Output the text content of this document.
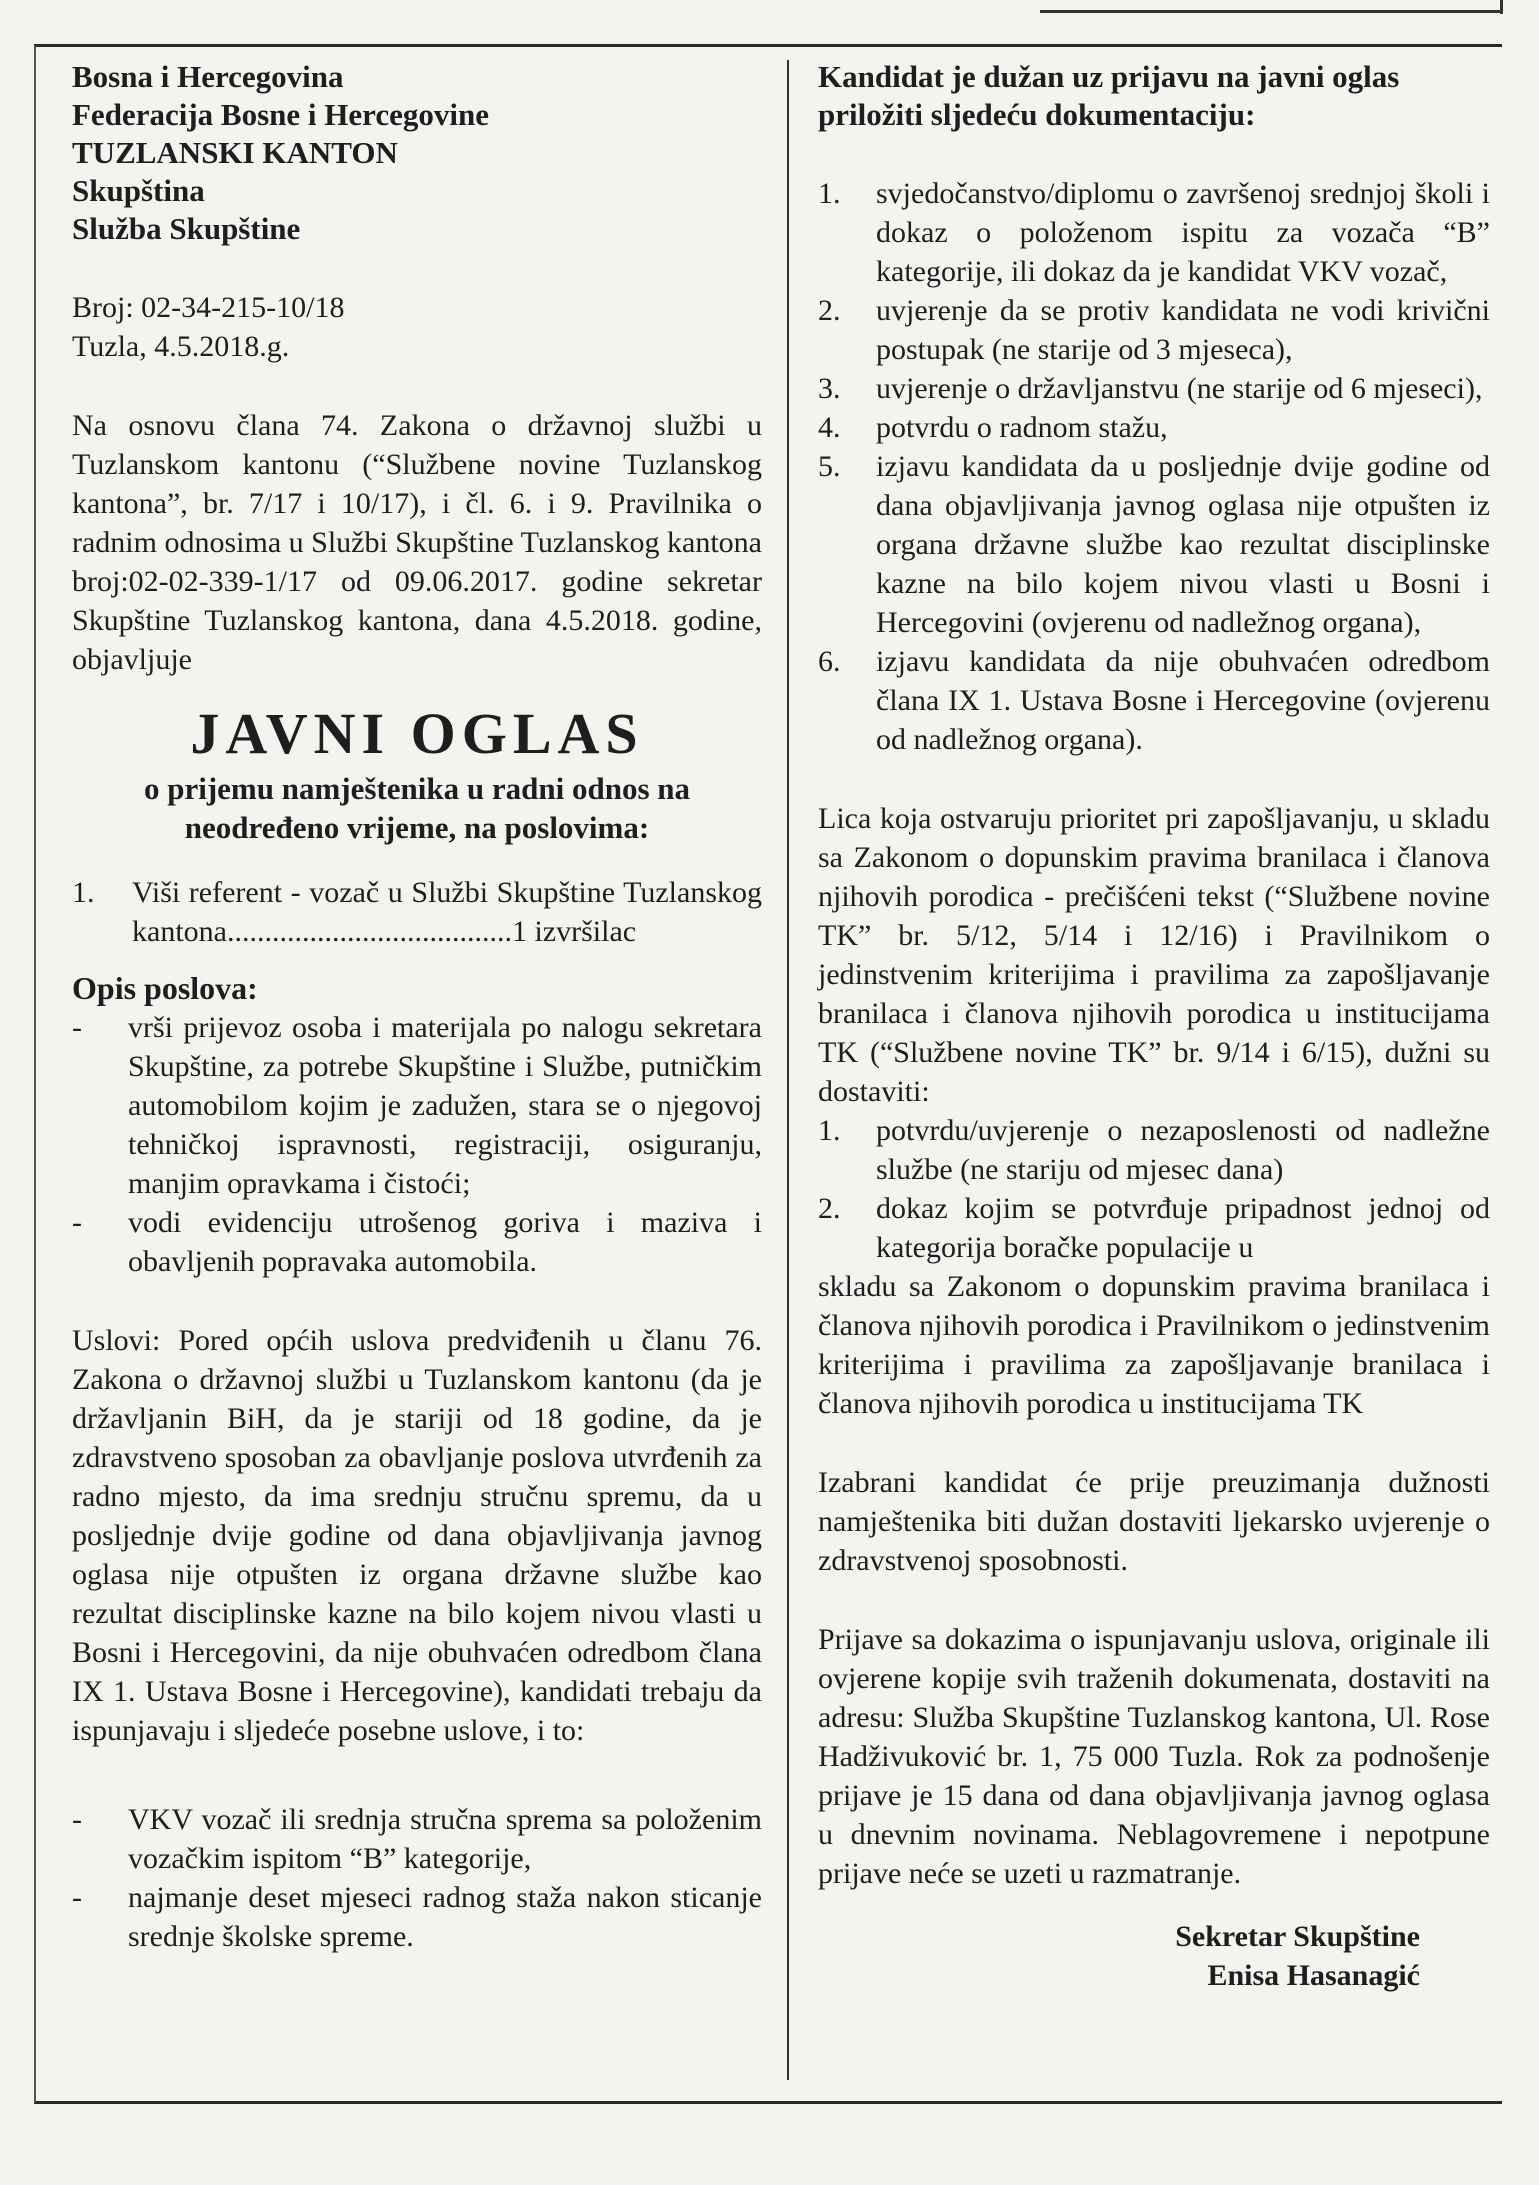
Bosna i Hercegovina
Federacija Bosne i Hercegovine
TUZLANSKI KANTON
Skupština
Služba Skupštine
Broj: 02-34-215-10/18
Tuzla, 4.5.2018.g.
Na osnovu člana 74. Zakona o državnoj službi u Tuzlanskom kantonu (“Službene novine Tuzlanskog kantona”, br. 7/17 i 10/17), i čl. 6. i 9. Pravilnika o radnim odnosima u Službi Skupštine Tuzlanskog kantona broj:02-02-339-1/17 od 09.06.2017. godine sekretar Skupštine Tuzlanskog kantona, dana 4.5.2018. godine, objavljuje
JAVNI OGLAS
o prijemu namještenika u radni odnos na neodređeno vrijeme, na poslovima:
1.	Viši referent - vozač u Službi Skupštine Tuzlanskog kantona......................................1 izvršilac
Opis poslova:
-	vrši prijevoz osoba i materijala po nalogu sekretara Skupštine, za potrebe Skupštine i Službe, putničkim automobilom kojim je zadužen, stara se o njegovoj tehničkoj ispravnosti, registraciji, osiguranju, manjim opravkama i čistoći;
-	vodi evidenciju utrošenog goriva i maziva i obavljenih popravaka automobila.
Uslovi: Pored općih uslova predviđenih u članu 76. Zakona o državnoj službi u Tuzlanskom kantonu (da je državljanin BiH, da je stariji od 18 godine, da je zdravstveno sposoban za obavljanje poslova utvrđenih za radno mjesto, da ima srednju stručnu spremu, da u posljednje dvije godine od dana objavljivanja javnog oglasa nije otpušten iz organa državne službe kao rezultat disciplinske kazne na bilo kojem nivou vlasti u Bosni i Hercegovini, da nije obuhvaćen odredbom člana IX 1. Ustava Bosne i Hercegovine), kandidati trebaju da ispunjavaju i sljedeće posebne uslove, i to:
-	VKV vozač ili srednja stručna sprema sa položenim vozačkim ispitom “B” kategorije,
-	najmanje deset mjeseci radnog staža nakon sticanje srednje školske spreme.
Kandidat je dužan uz prijavu na javni oglas priložiti sljedeću dokumentaciju:
1.	svjedočanstvo/diplomu o završenoj srednjoj školi i dokaz o položenom ispitu za vozača “B” kategorije, ili dokaz da je kandidat VKV vozač,
2.	uvjerenje da se protiv kandidata ne vodi krivični postupak (ne starije od 3 mjeseca),
3.	uvjerenje o državljanstvu (ne starije od 6 mjeseci),
4.	potvrdu o radnom stažu,
5.	izjavu kandidata da u posljednje dvije godine od dana objavljivanja javnog oglasa nije otpušten iz organa državne službe kao rezultat disciplinske kazne na bilo kojem nivou vlasti u Bosni i Hercegovini (ovjerenu od nadležnog organa),
6.	izjavu kandidata da nije obuhvaćen odredbom člana IX 1. Ustava Bosne i Hercegovine (ovjerenu od nadležnog organa).
Lica koja ostvaruju prioritet pri zapošljavanju, u skladu sa Zakonom o dopunskim pravima branilaca i članova njihovih porodica - prečišćeni tekst (“Službene novine TK” br. 5/12, 5/14 i 12/16) i Pravilnikom o jedinstvenim kriterijima i pravilima za zapošljavanje branilaca i članova njihovih porodica u institucijama TK (“Službene novine TK” br. 9/14 i 6/15), dužni su dostaviti:
1.	potvrdu/uvjerenje o nezaposlenosti od nadležne službe (ne stariju od mjesec dana)
2.	dokaz kojim se potvrđuje pripadnost jednoj od kategorija boračke populacije u
skladu sa Zakonom o dopunskim pravima branilaca i članova njihovih porodica i Pravilnikom o jedinstvenim kriterijima i pravilima za zapošljavanje branilaca i članova njihovih porodica u institucijama TK
Izabrani kandidat će prije preuzimanja dužnosti namještenika biti dužan dostaviti ljekarsko uvjerenje o zdravstvenoj sposobnosti.
Prijave sa dokazima o ispunjavanju uslova, originale ili ovjerene kopije svih traženih dokumenata, dostaviti na adresu: Služba Skupštine Tuzlanskog kantona, Ul. Rose Hadživuković br. 1, 75 000 Tuzla. Rok za podnošenje prijave je 15 dana od dana objavljivanja javnog oglasa u dnevnim novinama. Neblagovremene i nepotpune prijave neće se uzeti u razmatranje.
Sekretar Skupštine
Enisa Hasanagić
